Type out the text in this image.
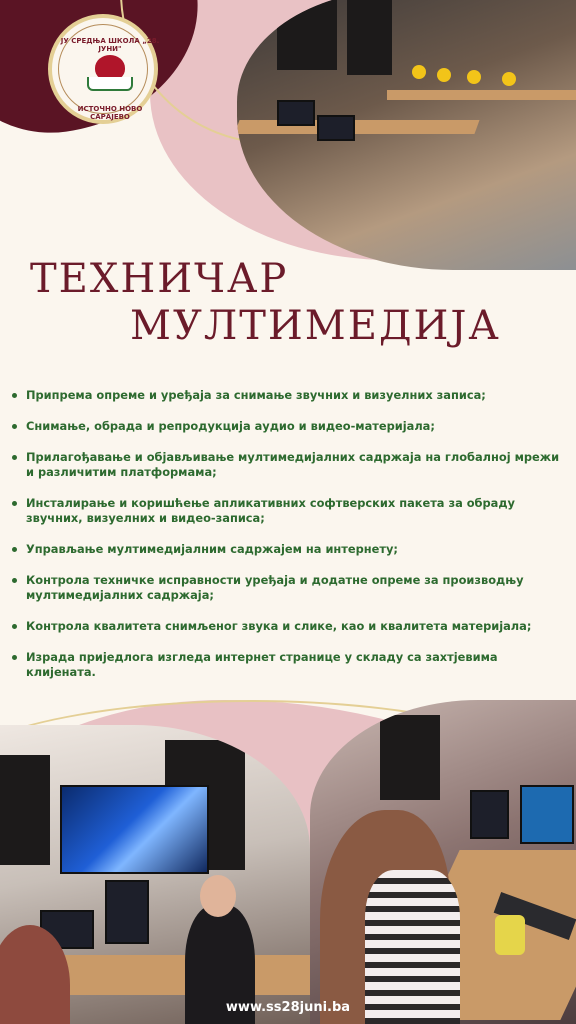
ЈУ СРЕДЊА ШКОЛА „28. ЈУНИ"
ИСТОЧНО НОВО САРАЈЕВО
ТЕХНИЧАР
МУЛТИМЕДИЈА
Припрема опреме и уређаја за снимање звучних и визуелних записа;
Снимање, обрада и репродукција аудио и видео-материјала;
Прилагођавање и објављивање мултимедијалних садржаја на глобалној мрежи и различитим платформама;
Инсталирање и коришћење апликативних софтверских пакета за обраду звучних, визуелних и видео-записа;
Управљање мултимедијалним садржајем на интернету;
Контрола техничке исправности уређаја и додатне опреме за производњу мултимедијалних садржаја;
Контрола квалитета снимљеног звука и слике, као и квалитета материјала;
Израда приједлога изгледа интернет странице у складу са захтјевима клијената.
www.ss28juni.ba
